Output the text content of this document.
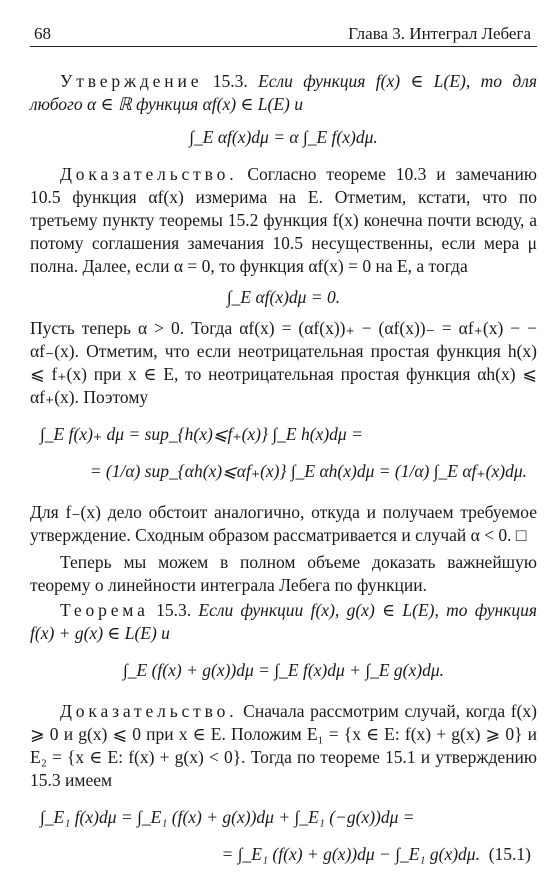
68	Глава 3. Интеграл Лебега

Утверждение 15.3. Если функция f(x) ∈ L(E), то для любого α ∈ ℝ функция αf(x) ∈ L(E) и

∫_E αf(x)dμ = α ∫_E f(x)dμ.

Доказательство. Согласно теореме 10.3 и замечанию 10.5 функция αf(x) измерима на E. Отметим, кстати, что по третьему пункту теоремы 15.2 функция f(x) конечна почти всюду, а потому соглашения замечания 10.5 несущественны, если мера μ полна. Далее, если α = 0, то функция αf(x) = 0 на E, а тогда

∫_E αf(x)dμ = 0.

Пусть теперь α > 0. Тогда αf(x) = (αf(x))₊ − (αf(x))₋ = αf₊(x) − − αf₋(x). Отметим, что если неотрицательная простая функция h(x) ⩽ f₊(x) при x ∈ E, то неотрицательная простая функция αh(x) ⩽ αf₊(x). Поэтому

∫_E f(x)₊ dμ = sup_{h(x)⩽f₊(x)} ∫_E h(x)dμ =
= (1/α) sup_{αh(x)⩽αf₊(x)} ∫_E αh(x)dμ = (1/α) ∫_E αf₊(x)dμ.

Для f₋(x) дело обстоит аналогично, откуда и получаем требуемое утверждение. Сходным образом рассматривается и случай α < 0. □

Теперь мы можем в полном объеме доказать важнейшую теорему о линейности интеграла Лебега по функции.

Теорема 15.3. Если функции f(x), g(x) ∈ L(E), то функция f(x) + g(x) ∈ L(E) и

∫_E (f(x) + g(x))dμ = ∫_E f(x)dμ + ∫_E g(x)dμ.

Доказательство. Сначала рассмотрим случай, когда f(x) ⩾ 0 и g(x) ⩽ 0 при x ∈ E. Положим E₁ = {x ∈ E: f(x) + g(x) ⩾ 0} и E₂ = {x ∈ E: f(x) + g(x) < 0}. Тогда по теореме 15.1 и утверждению 15.3 имеем

∫_E₁ f(x)dμ = ∫_E₁ (f(x) + g(x))dμ + ∫_E₁ (−g(x))dμ =
= ∫_E₁ (f(x) + g(x))dμ − ∫_E₁ g(x)dμ. (15.1)
